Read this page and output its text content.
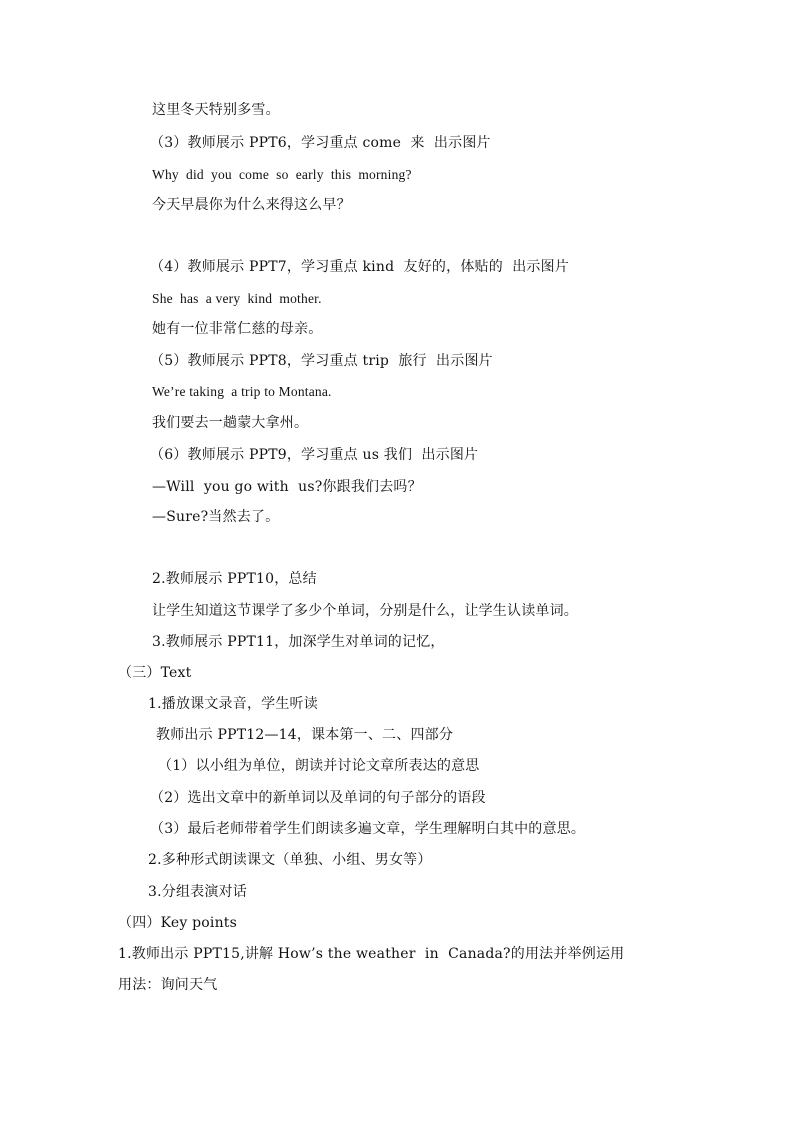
这里冬天特别多雪。
（3）教师展示 PPT6，学习重点 come  来  出示图片
Why  did  you  come  so  early  this  morning?
今天早晨你为什么来得这么早？
（4）教师展示 PPT7，学习重点 kind  友好的，体贴的  出示图片
She  has  a very  kind  mother.
她有一位非常仁慈的母亲。
（5）教师展示 PPT8，学习重点 trip  旅行  出示图片
We’re taking  a trip to Montana.
我们要去一趟蒙大拿州。
（6）教师展示 PPT9，学习重点 us 我们  出示图片
—Will  you go with  us?你跟我们去吗？
—Sure?当然去了。
2.教师展示 PPT10，总结
让学生知道这节课学了多少个单词，分别是什么，让学生认读单词。
3.教师展示 PPT11，加深学生对单词的记忆，
（三）Text
1.播放课文录音，学生听读
教师出示 PPT12—14，课本第一、二、四部分
（1）以小组为单位，朗读并讨论文章所表达的意思
（2）选出文章中的新单词以及单词的句子部分的语段
（3）最后老师带着学生们朗读多遍文章，学生理解明白其中的意思。
2.多种形式朗读课文（单独、小组、男女等）
3.分组表演对话
（四）Key points
1.教师出示 PPT15,讲解 How’s the weather  in  Canada?的用法并举例运用
用法：询问天气
